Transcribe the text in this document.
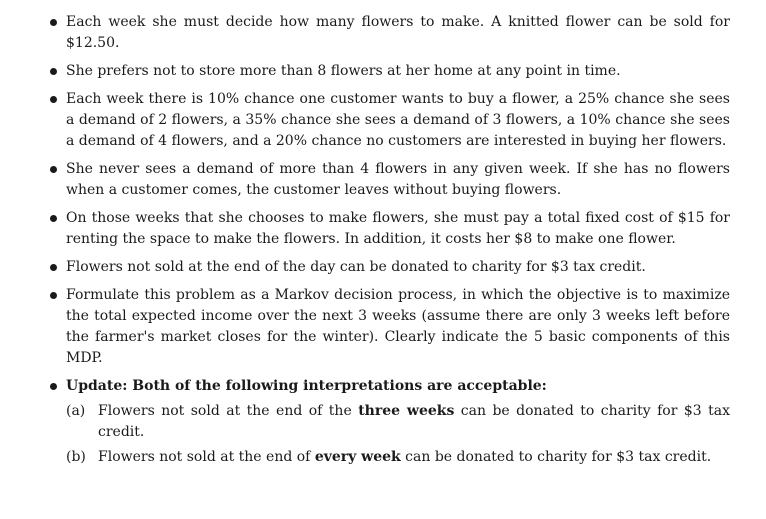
Each week she must decide how many flowers to make. A knitted flower can be sold for $12.50.
She prefers not to store more than 8 flowers at her home at any point in time.
Each week there is 10% chance one customer wants to buy a flower, a 25% chance she sees a demand of 2 flowers, a 35% chance she sees a demand of 3 flowers, a 10% chance she sees a demand of 4 flowers, and a 20% chance no customers are interested in buying her flowers.
She never sees a demand of more than 4 flowers in any given week. If she has no flowers when a customer comes, the customer leaves without buying flowers.
On those weeks that she chooses to make flowers, she must pay a total fixed cost of $15 for renting the space to make the flowers. In addition, it costs her $8 to make one flower.
Flowers not sold at the end of the day can be donated to charity for $3 tax credit.
Formulate this problem as a Markov decision process, in which the objective is to maximize the total expected income over the next 3 weeks (assume there are only 3 weeks left before the farmer's market closes for the winter). Clearly indicate the 5 basic components of this MDP.
Update: Both of the following interpretations are acceptable:
(a) Flowers not sold at the end of the three weeks can be donated to charity for $3 tax credit.
(b) Flowers not sold at the end of every week can be donated to charity for $3 tax credit.
